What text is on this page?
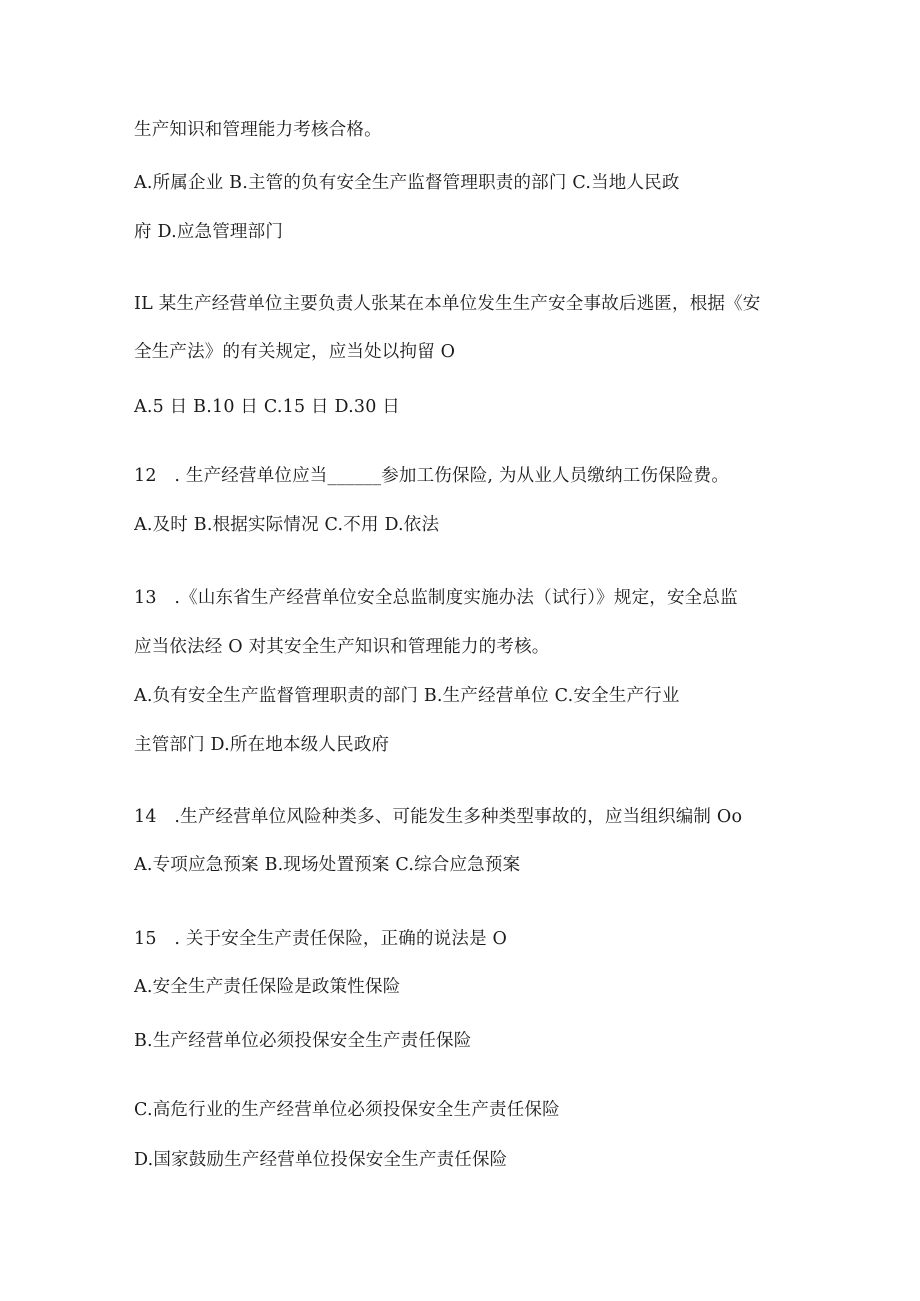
生产知识和管理能力考核合格。
A.所属企业 B.主管的负有安全生产监督管理职责的部门 C.当地人民政
府 D.应急管理部门
IL 某生产经营单位主要负责人张某在本单位发生生产安全事故后逃匿，根据《安
全生产法》的有关规定，应当处以拘留 O
A.5 日 B.10 日 C.15 日 D.30 日
12　. 生产经营单位应当______参加工伤保险, 为从业人员缴纳工伤保险费。
A.及时 B.根据实际情况 C.不用 D.依法
13　.《山东省生产经营单位安全总监制度实施办法（试行）》规定，安全总监
应当依法经 O 对其安全生产知识和管理能力的考核。
A.负有安全生产监督管理职责的部门 B.生产经营单位 C.安全生产行业
主管部门 D.所在地本级人民政府
14　.生产经营单位风险种类多、可能发生多种类型事故的，应当组织编制 Oo
A.专项应急预案 B.现场处置预案 C.综合应急预案
15　. 关于安全生产责任保险，正确的说法是 O
A.安全生产责任保险是政策性保险
B.生产经营单位必须投保安全生产责任保险
C.高危行业的生产经营单位必须投保安全生产责任保险
D.国家鼓励生产经营单位投保安全生产责任保险
